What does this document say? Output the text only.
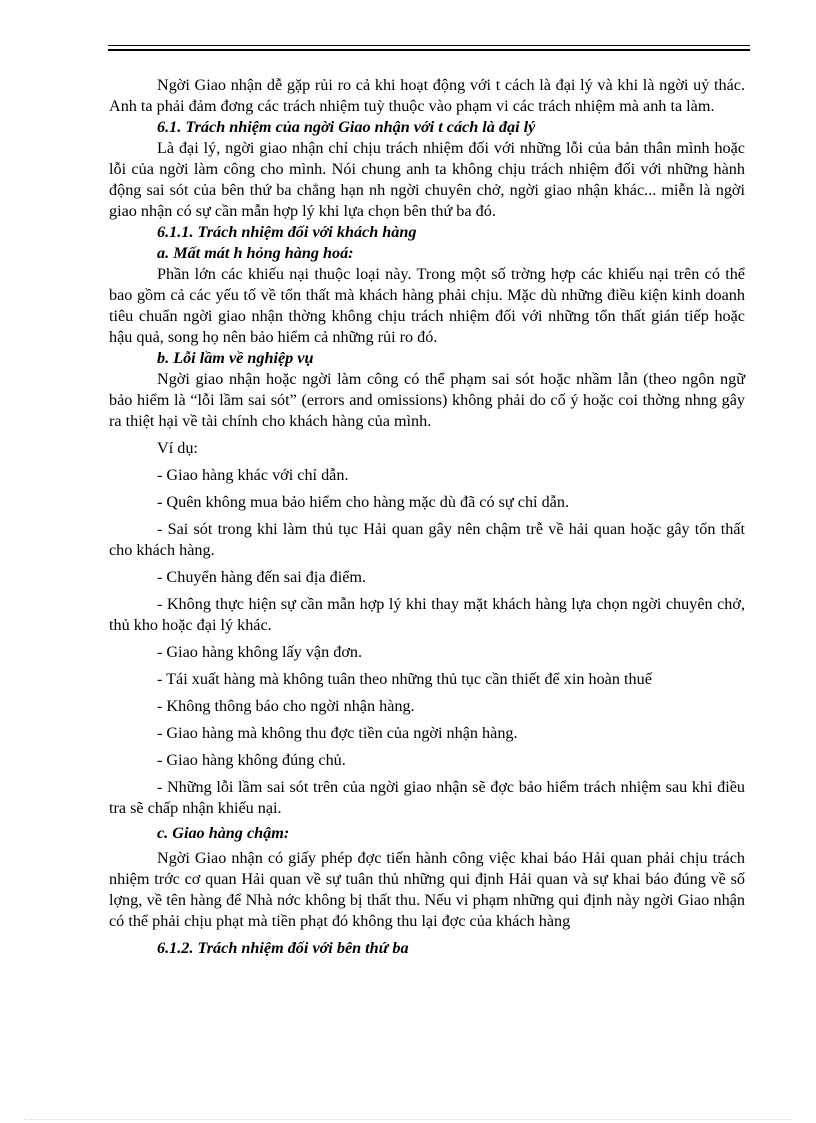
Ngời Giao nhận dễ gặp rủi ro cả khi hoạt động với t cách là đại lý và khi là ngời uỷ thác. Anh ta phải đảm đơng các trách nhiệm tuỳ thuộc vào phạm vi các trách nhiệm mà anh ta làm.

6.1. Trách nhiệm của ngời Giao nhận với t cách là đại lý

Là đại lý, ngời giao nhận chỉ chịu trách nhiệm đối với những lỗi của bản thân mình hoặc lỗi của ngời làm công cho mình. Nói chung anh ta không chịu trách nhiệm đối với những hành động sai sót của bên thứ ba chẳng hạn nh ngời chuyên chở, ngời giao nhận khác... miễn là ngời giao nhận có sự cần mẫn hợp lý khi lựa chọn bên thứ ba đó.

6.1.1. Trách nhiệm đối với khách hàng

a. Mất mát h hỏng hàng hoá:

Phần lớn các khiếu nại thuộc loại này. Trong một số trờng hợp các khiếu nại trên có thể bao gồm cả các yếu tố về tổn thất mà khách hàng phải chịu. Mặc dù những điều kiện kinh doanh tiêu chuẩn ngời giao nhận thờng không chịu trách nhiệm đối với những tổn thất gián tiếp hoặc hậu quả, song họ nên bảo hiểm cả những rủi ro đó.

b. Lỗi lầm về nghiệp vụ

Ngời giao nhận hoặc ngời làm công có thể phạm sai sót hoặc nhầm lẫn (theo ngôn ngữ bảo hiểm là “lỗi lầm sai sót” (errors and omissions) không phải do cố ý hoặc coi thờng nhng gây ra thiệt hại về tài chính cho khách hàng của mình.

Ví dụ:

- Giao hàng khác với chỉ dẫn.

- Quên không mua bảo hiểm cho hàng mặc dù đã có sự chỉ dẫn.

- Sai sót trong khi làm thủ tục Hải quan gây nên chậm trễ về hải quan hoặc gây tổn thất cho khách hàng.

- Chuyển hàng đến sai địa điểm.

- Không thực hiện sự cần mẫn hợp lý khi thay mặt khách hàng lựa chọn ngời chuyên chở, thủ kho hoặc đại lý khác.

- Giao hàng không lấy vận đơn.

- Tái xuất hàng mà không tuân theo những thủ tục cần thiết để xin hoàn thuế

- Không thông báo cho ngời nhận hàng.

- Giao hàng mà không thu đợc tiền của ngời nhận hàng.

- Giao hàng không đúng chủ.

- Những lỗi lầm sai sót trên của ngời giao nhận sẽ đợc bảo hiểm trách nhiệm sau khi điều tra sẽ chấp nhận khiếu nại.

c. Giao hàng chậm:

Ngời Giao nhận có giấy phép đợc tiến hành công việc khai báo Hải quan phải chịu trách nhiệm trớc cơ quan Hải quan về sự tuân thủ những qui định Hải quan và sự khai báo đúng về số lợng, về tên hàng để Nhà nớc không bị thất thu. Nếu vi phạm những qui định này ngời Giao nhận có thể phải chịu phạt mà tiền phạt đó không thu lại đợc của khách hàng

6.1.2. Trách nhiệm đối với bên thứ ba
